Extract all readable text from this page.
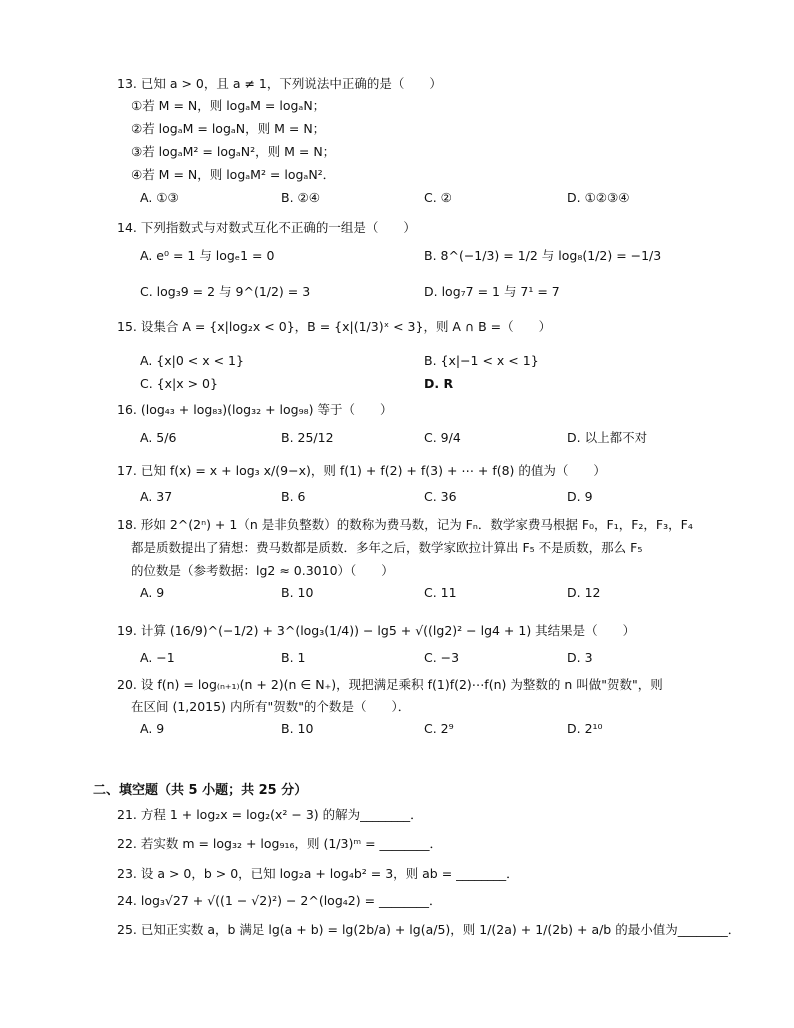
13. 已知 a > 0，且 a ≠ 1，下列说法中正确的是（　　）
①若 M = N，则 logₐM = logₐN；
②若 logₐM = logₐN，则 M = N；
③若 logₐM² = logₐN²，则 M = N；
④若 M = N，则 logₐM² = logₐN²．
A. ①③	B. ②④	C. ②	D. ①②③④
14. 下列指数式与对数式互化不正确的一组是（　　）
A. e⁰ = 1 与 logₑ1 = 0	B. 8^(−1/3) = 1/2 与 log₈(1/2) = −1/3
C. log₃9 = 2 与 9^(1/2) = 3	D. log₇7 = 1 与 7¹ = 7
15. 设集合 A = {x|log₂x < 0}，B = {x|(1/3)ˣ < 3}，则 A ∩ B =（　　）
A. {x|0 < x < 1}	B. {x|−1 < x < 1}
C. {x|x > 0}	D. R
16. (log₄₃ + log₈₃)(log₃₂ + log₉₈) 等于（　　）
A. 5/6	B. 25/12	C. 9/4	D. 以上都不对
17. 已知 f(x) = x + log₃ x/(9−x)，则 f(1) + f(2) + f(3) + ⋯ + f(8) 的值为（　　）
A. 37	B. 6	C. 36	D. 9
18. 形如 2^(2ⁿ) + 1（n 是非负整数）的数称为费马数，记为 Fₙ．数学家费马根据 F₀，F₁，F₂，F₃，F₄
都是质数提出了猜想：费马数都是质数．多年之后，数学家欧拉计算出 F₅ 不是质数，那么 F₅
的位数是（参考数据：lg2 ≈ 0.3010）（　　）
A. 9	B. 10	C. 11	D. 12
19. 计算 (16/9)^(−1/2) + 3^(log₃(1/4)) − lg5 + √((lg2)² − lg4 + 1) 其结果是（　　）
A. −1	B. 1	C. −3	D. 3
20. 设 f(n) = log₍ₙ₊₁₎(n + 2)(n ∈ N₊)，现把满足乘积 f(1)f(2)⋯f(n) 为整数的 n 叫做"贺数"，则
在区间 (1,2015) 内所有"贺数"的个数是（　　）．
A. 9	B. 10	C. 2⁹	D. 2¹⁰
二、填空题（共 5 小题；共 25 分）
21. 方程 1 + log₂x = log₂(x² − 3) 的解为________．
22. 若实数 m = log₃₂ + log₉₁₆，则 (1/3)ᵐ = ________．
23. 设 a > 0，b > 0，已知 log₂a + log₄b² = 3，则 ab = ________．
24. log₃√27 + √((1 − √2)²) − 2^(log₄2) = ________．
25. 已知正实数 a，b 满足 lg(a + b) = lg(2b/a) + lg(a/5)，则 1/(2a) + 1/(2b) + a/b 的最小值为________．
